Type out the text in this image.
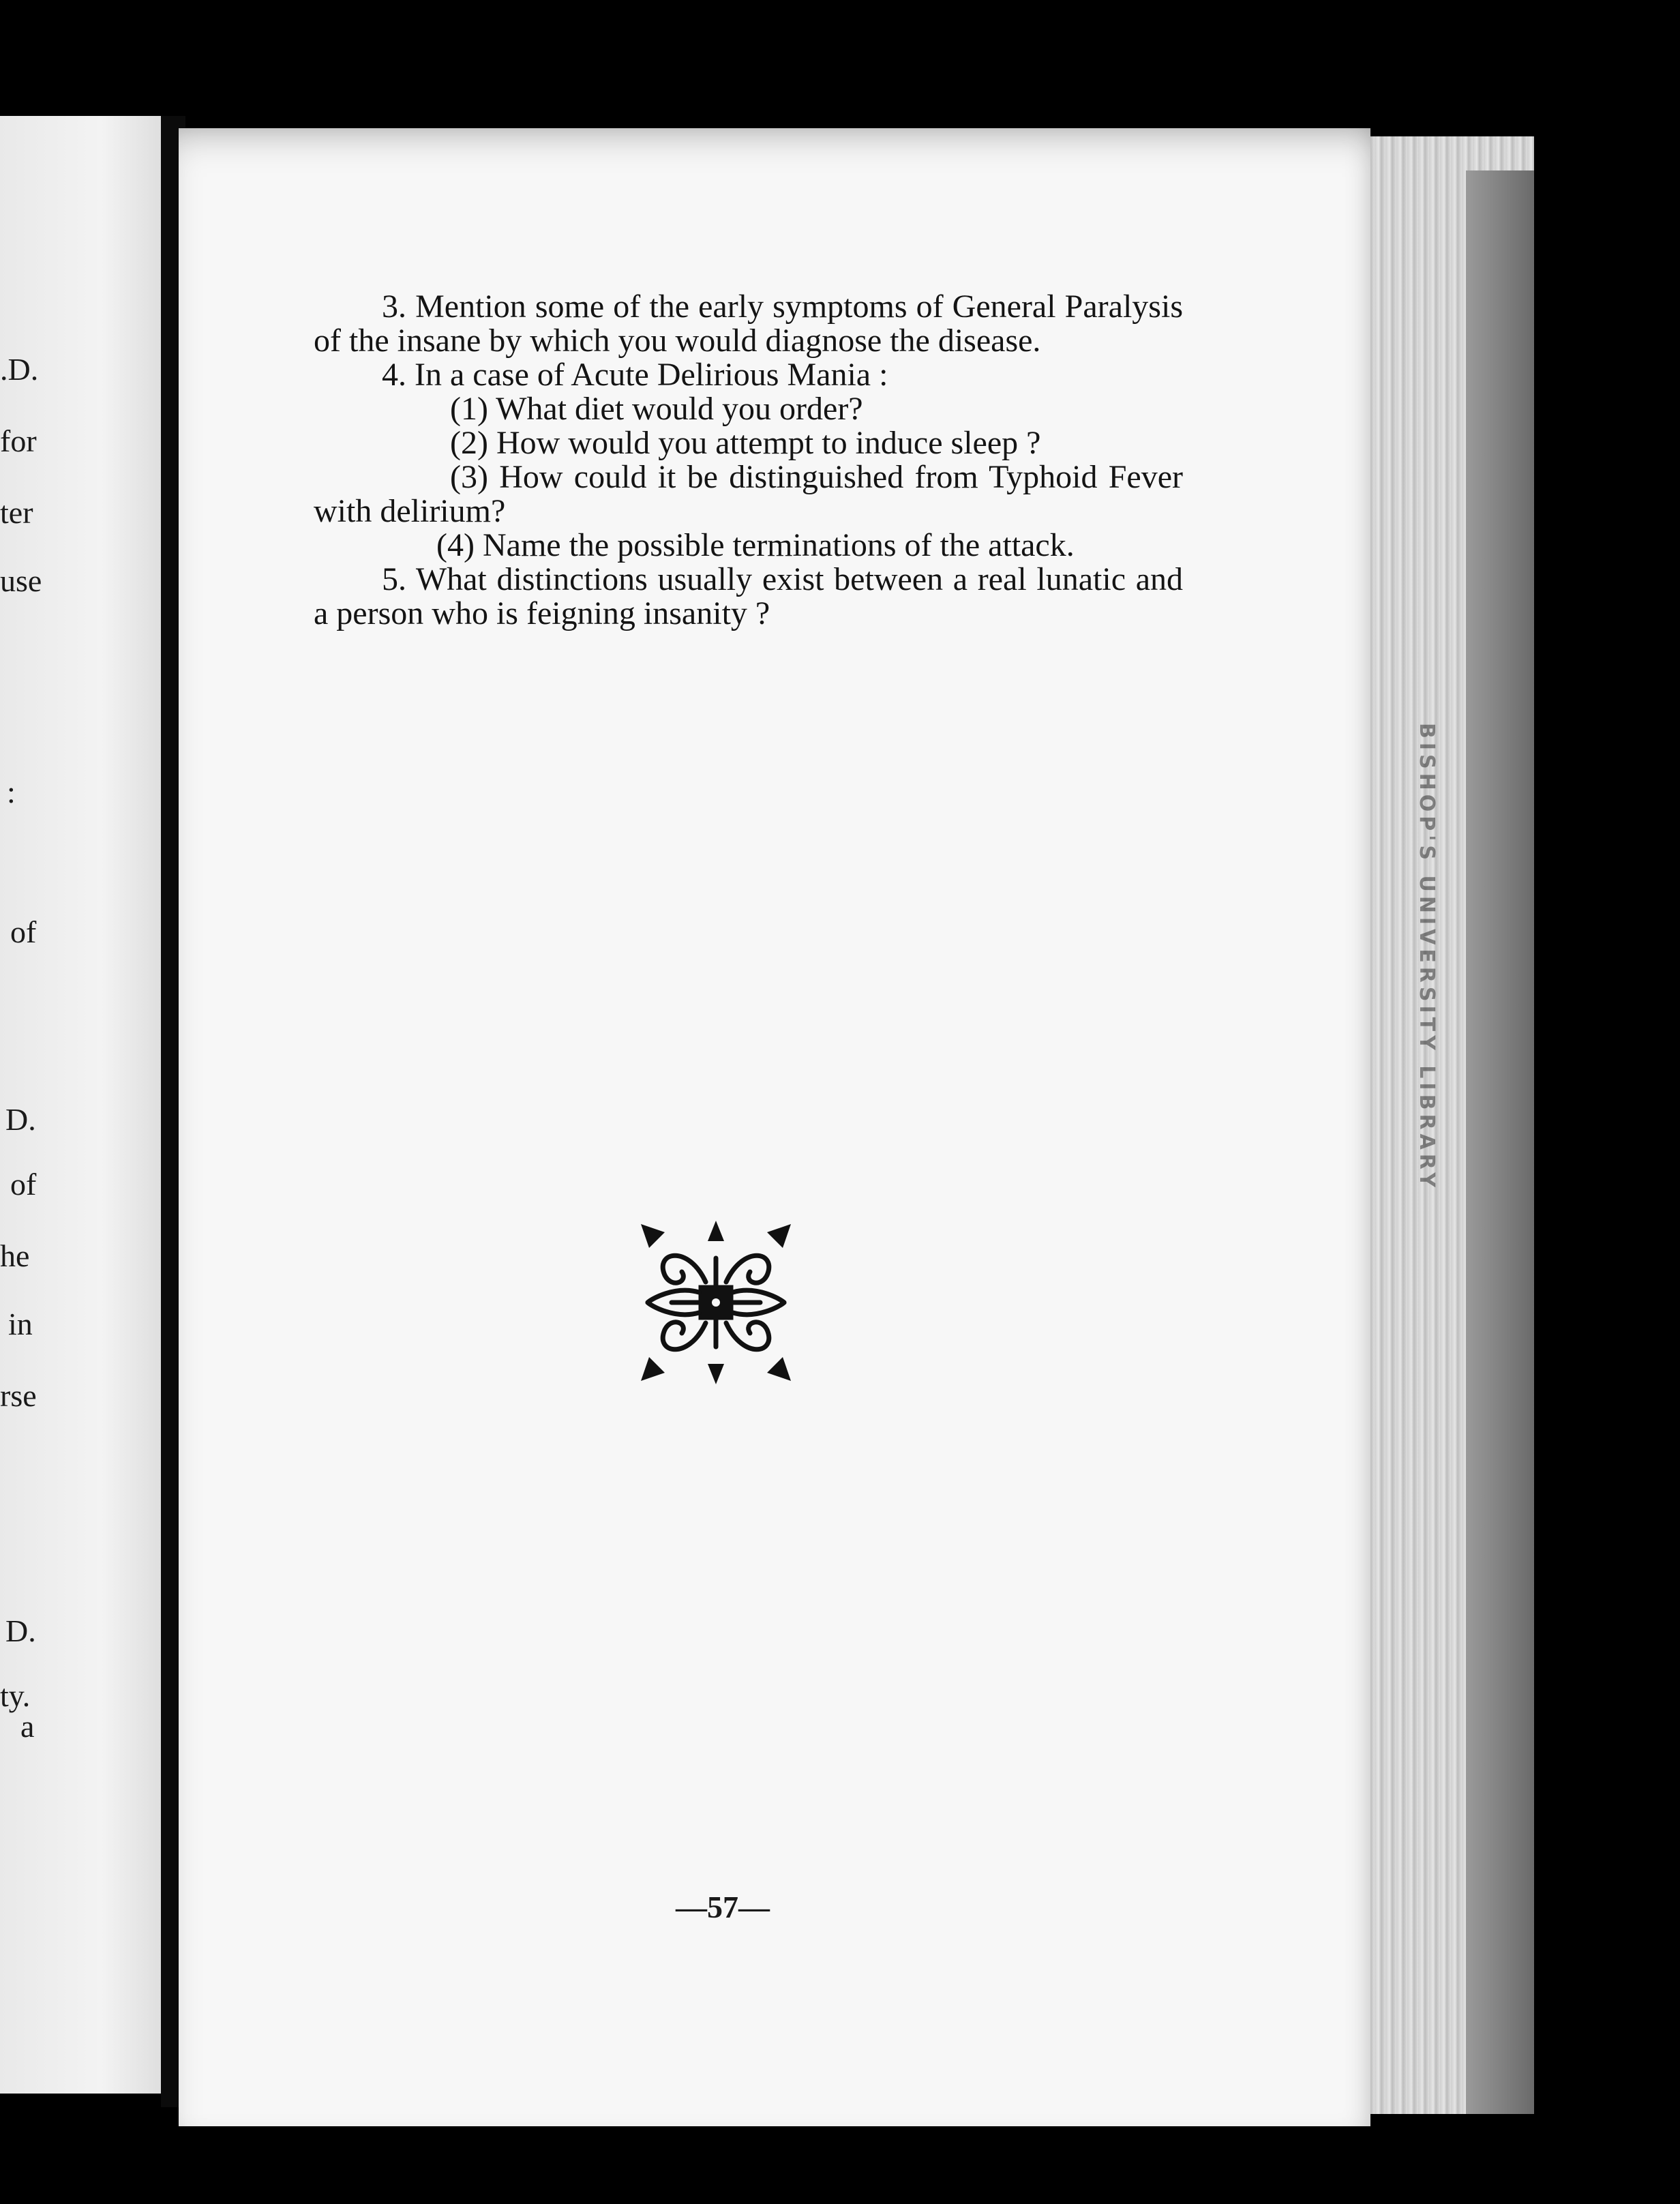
.D.
for
ter
use
:
of
D.
of
he
in
rse
D.
ty.
a
BISHOP'S UNIVERSITY LIBRARY

3. Mention some of the early symptoms of General Paralysis of the insane by which you would diagnose the disease.

4. In a case of Acute Delirious Mania :

(1) What diet would you order?

(2) How would you attempt to induce sleep ?

(3) How could it be distinguished from Typhoid Fever with delirium?

(4) Name the possible terminations of the attack.

5. What distinctions usually exist between a real lunatic and a person who is feigning insanity ?

—57—
